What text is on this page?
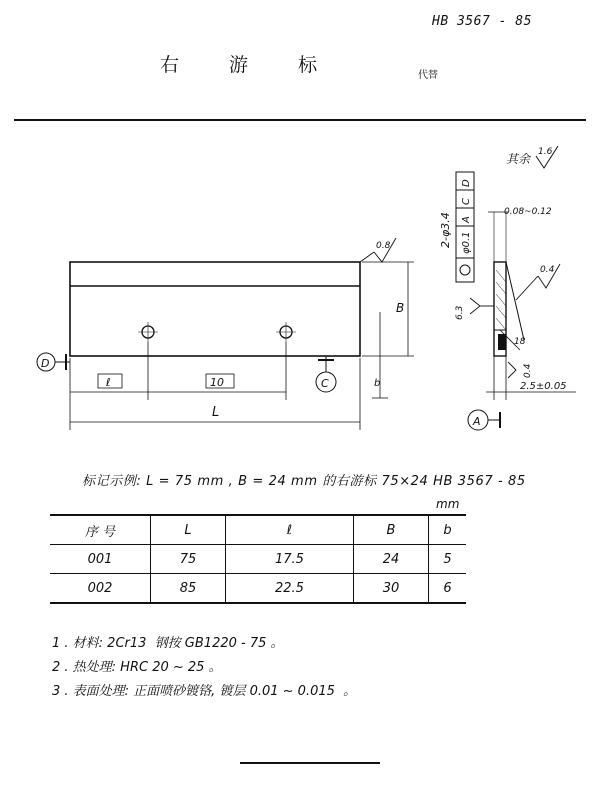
HB 3567 - 85
右 游 标	代替
其余 1.6
0.8
B
b
D
C
ℓ	10
L
0.08~0.12
18
D
C
A
φ0.1
2-φ3.4
0.4
6.3
0.4
2.5±0.05
A
标记示例: L = 75 mm , B = 24 mm 的右游标 75×24 HB 3567 - 85
mm
序 号	L	ℓ	B	b
001	75	17.5	24	5
002	85	22.5	30	6
1 . 材料: 2Cr13  钢按 GB1220 - 75 。
2 . 热处理: HRC 20 ~ 25 。
3 . 表面处理: 正面喷砂镀铬, 镀层 0.01 ~ 0.015  。
